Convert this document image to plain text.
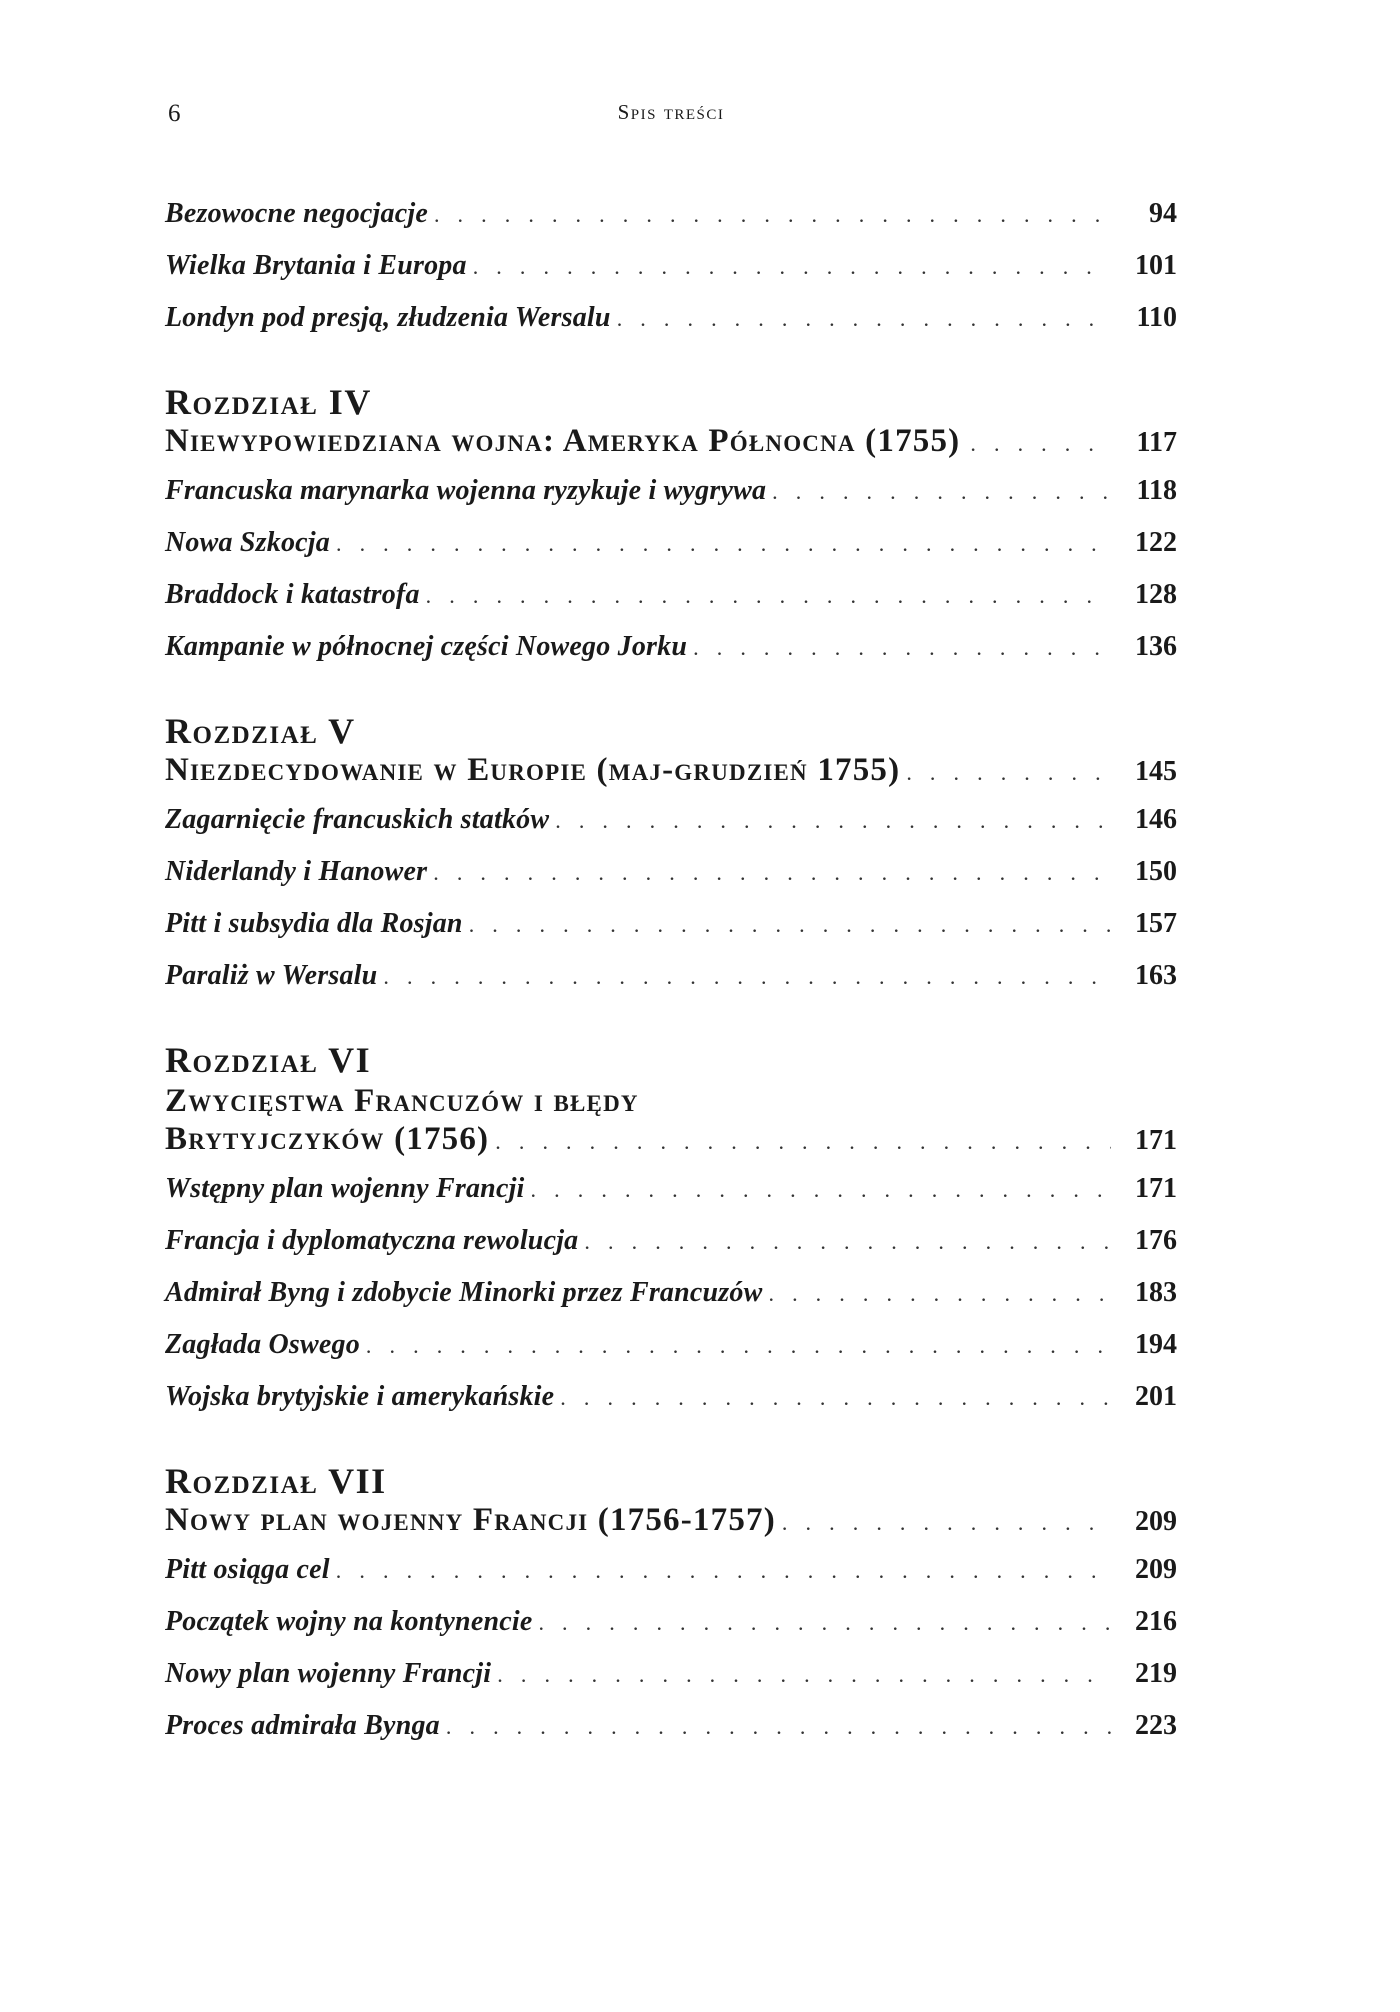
6	Spis treści
Bezowocne negocjacje . . .	94
Wielka Brytania i Europa . . .	101
Londyn pod presją, złudzenia Wersalu . . .	110
Rozdział IV
Niewypowiedziana wojna: Ameryka Północna (1755) . . .	117
Francuska marynarka wojenna ryzykuje i wygrywa . . .	118
Nowa Szkocja . . .	122
Braddock i katastrofa . . .	128
Kampanie w północnej części Nowego Jorku . . .	136
Rozdział V
Niezdecydowanie w Europie (maj-grudzień 1755) . . .	145
Zagarnięcie francuskich statków . . .	146
Niderlandy i Hanower . . .	150
Pitt i subsydia dla Rosjan . . .	157
Paraliż w Wersalu . . .	163
Rozdział VI
Zwycięstwa Francuzów i błędy
Brytyjczyków (1756) . . .	171
Wstępny plan wojenny Francji . . .	171
Francja i dyplomatyczna rewolucja . . .	176
Admirał Byng i zdobycie Minorki przez Francuzów . . .	183
Zagłada Oswego . . .	194
Wojska brytyjskie i amerykańskie . . .	201
Rozdział VII
Nowy plan wojenny Francji (1756-1757) . . .	209
Pitt osiąga cel . . .	209
Początek wojny na kontynencie . . .	216
Nowy plan wojenny Francji . . .	219
Proces admirała Bynga . . .	223
